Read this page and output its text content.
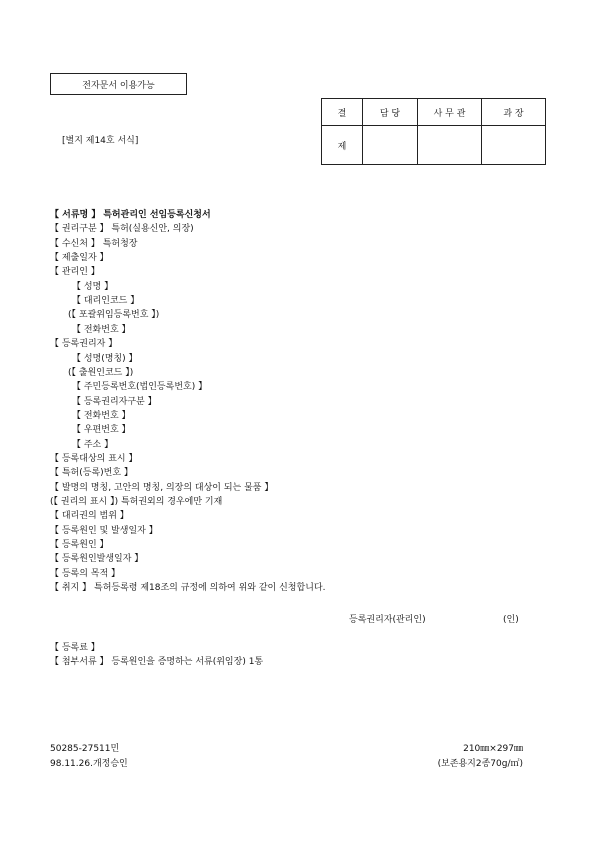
전자문서 이용가능
[별지 제14호 서식]
결	담 당	사 무 관	과 장
제			
【 서류명 】 특허관리인 선임등록신청서
【 권리구분 】 특허(실용신안, 의장)
【 수신처 】 특허청장
【 제출일자 】
【 관리인 】
【 성명 】
【 대리인코드 】
(【 포괄위임등록번호 】)
【 전화번호 】
【 등록권리자 】
【 성명(명칭) 】
(【 출원인코드 】)
【 주민등록번호(법인등록번호) 】
【 등록권리자구분 】
【 전화번호 】
【 우편번호 】
【 주소 】
【 등록대상의 표시 】
【 특허(등록)번호 】
【 발명의 명칭, 고안의 명칭, 의장의 대상이 되는 물품 】
(【 권리의 표시 】) 특허권외의 경우에만 기재
【 대리권의 범위 】
【 등록원인 및 발생일자 】
【 등록원인 】
【 등록원인발생일자 】
【 등록의 목적 】
【 취지 】 특허등록령 제18조의 규정에 의하여 위와 같이 신청합니다.
등록권리자(관리인)	(인)
【 등록료 】
【 첨부서류 】 등록원인을 증명하는 서류(위임장) 1통
50285-27511민
98.11.26.개정승인
210㎜×297㎜
(보존용지2종70g/㎡)
